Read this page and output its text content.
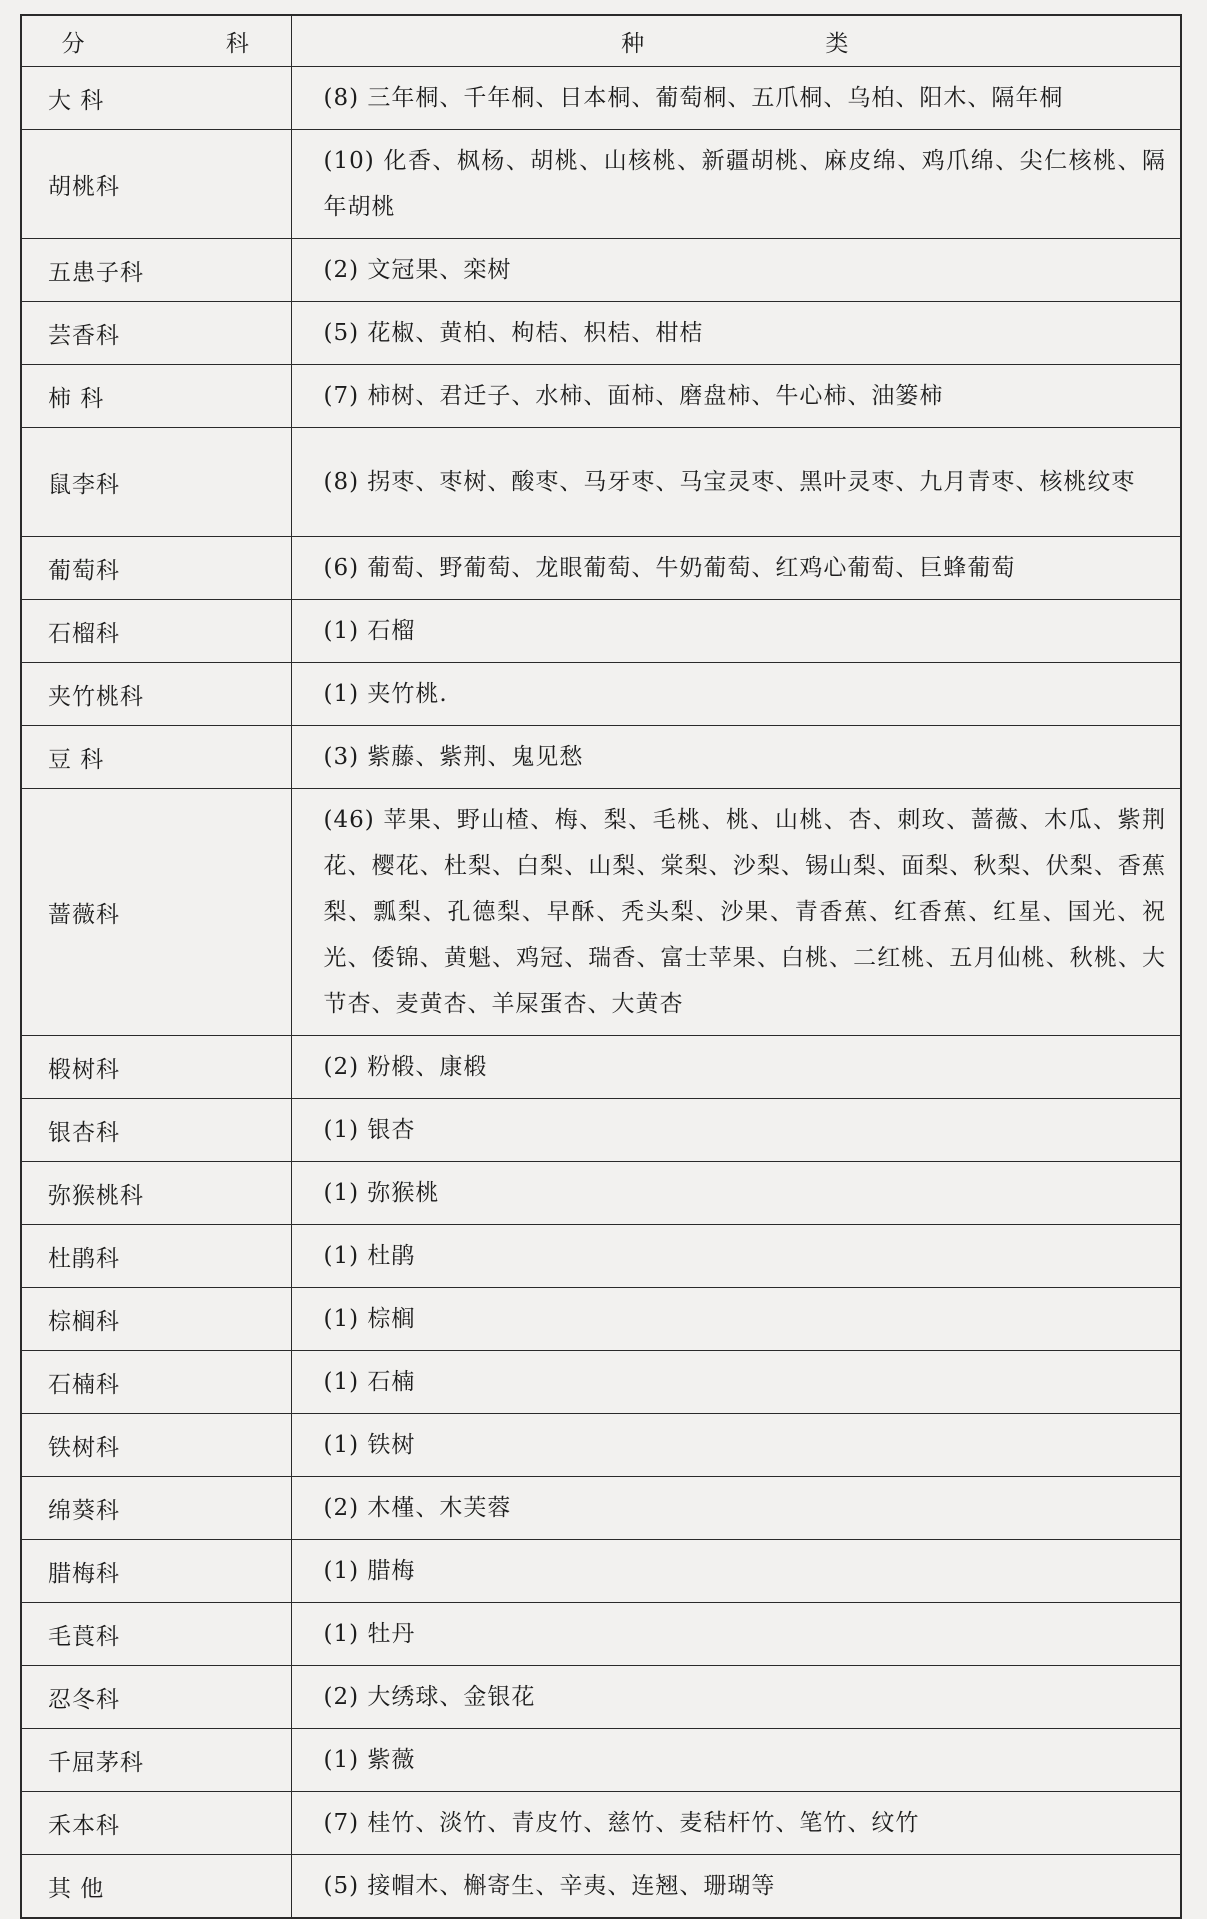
分 科	种 类
大 科	(8) 三年桐、千年桐、日本桐、葡萄桐、五爪桐、乌柏、阳木、隔年桐
胡桃科	(10) 化香、枫杨、胡桃、山核桃、新疆胡桃、麻皮绵、鸡爪绵、尖仁核桃、隔年胡桃
五患子科	(2) 文冠果、栾树
芸香科	(5) 花椒、黄柏、枸桔、枳桔、柑桔
柿 科	(7) 柿树、君迁子、水柿、面柿、磨盘柿、牛心柿、油篓柿
鼠李科	(8) 拐枣、枣树、酸枣、马牙枣、马宝灵枣、黑叶灵枣、九月青枣、核桃纹枣
葡萄科	(6) 葡萄、野葡萄、龙眼葡萄、牛奶葡萄、红鸡心葡萄、巨蜂葡萄
石榴科	(1) 石榴
夹竹桃科	(1) 夹竹桃.
豆 科	(3) 紫藤、紫荆、鬼见愁
蔷薇科	(46) 苹果、野山楂、梅、梨、毛桃、桃、山桃、杏、刺玫、蔷薇、木瓜、紫荆花、樱花、杜梨、白梨、山梨、棠梨、沙梨、锡山梨、面梨、秋梨、伏梨、香蕉梨、瓢梨、孔德梨、早酥、秃头梨、沙果、青香蕉、红香蕉、红星、国光、祝光、倭锦、黄魁、鸡冠、瑞香、富士苹果、白桃、二红桃、五月仙桃、秋桃、大节杏、麦黄杏、羊屎蛋杏、大黄杏
椴树科	(2) 粉椴、康椴
银杏科	(1) 银杏
弥猴桃科	(1) 弥猴桃
杜鹃科	(1) 杜鹃
棕榈科	(1) 棕榈
石楠科	(1) 石楠
铁树科	(1) 铁树
绵葵科	(2) 木槿、木芙蓉
腊梅科	(1) 腊梅
毛莨科	(1) 牡丹
忍冬科	(2) 大绣球、金银花
千屈茅科	(1) 紫薇
禾本科	(7) 桂竹、淡竹、青皮竹、慈竹、麦秸杆竹、笔竹、纹竹
其 他	(5) 接帽木、槲寄生、辛夷、连翘、珊瑚等
